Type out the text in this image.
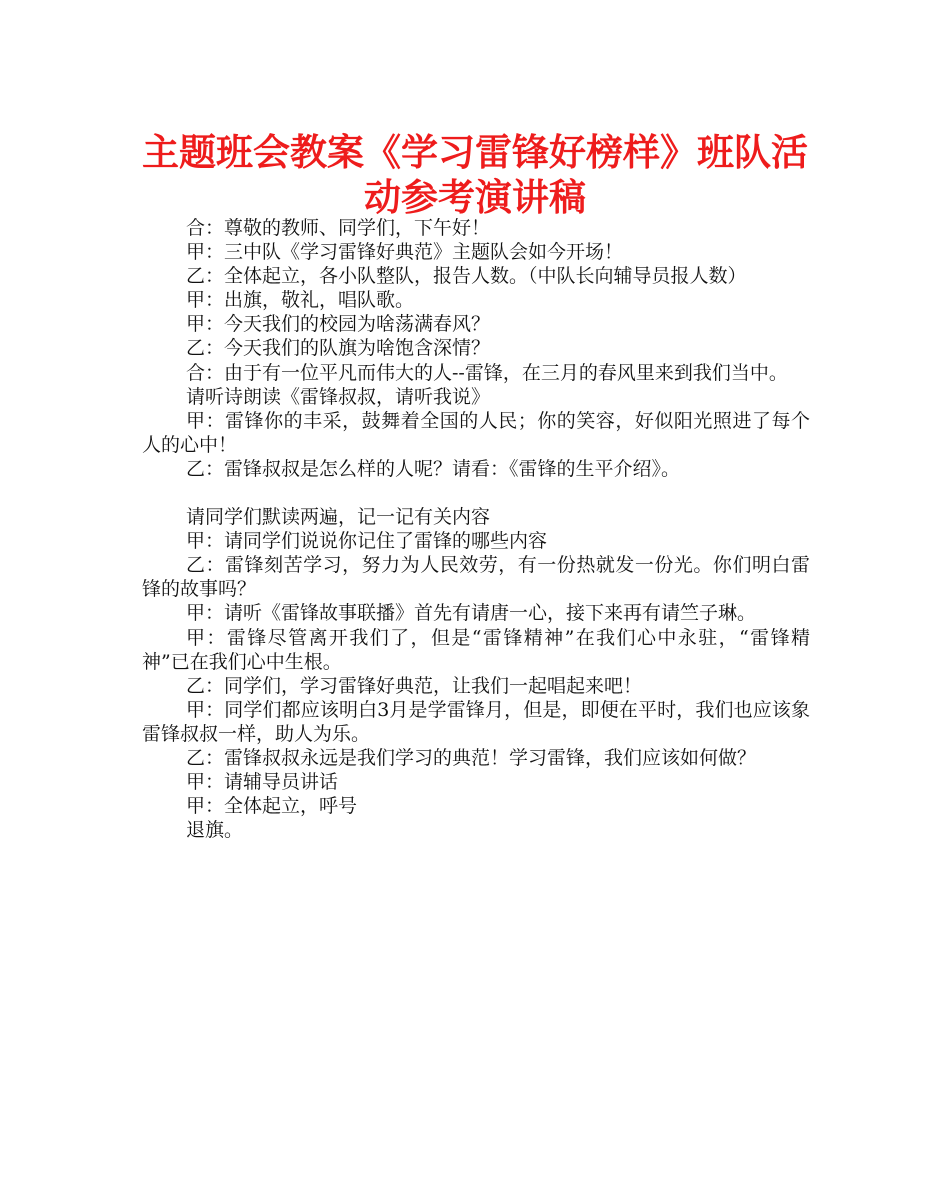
主题班会教案《学习雷锋好榜样》班队活
动参考演讲稿

合：尊敬的教师、同学们，下午好！

甲：三中队《学习雷锋好典范》主题队会如今开场！

乙：全体起立，各小队整队，报告人数。（中队长向辅导员报人数）

甲：出旗，敬礼，唱队歌。

甲：今天我们的校园为啥荡满春风？

乙：今天我们的队旗为啥饱含深情？

合：由于有一位平凡而伟大的人--雷锋，在三月的春风里来到我们当中。

请听诗朗读《雷锋叔叔，请听我说》

甲：雷锋你的丰采，鼓舞着全国的人民；你的笑容，好似阳光照进了每个人的心中！

乙：雷锋叔叔是怎么样的人呢？请看：《雷锋的生平介绍》。

请同学们默读两遍，记一记有关内容

甲：请同学们说说你记住了雷锋的哪些内容

乙：雷锋刻苦学习，努力为人民效劳，有一份热就发一份光。你们明白雷锋的故事吗？

甲：请听《雷锋故事联播》首先有请唐一心，接下来再有请竺子琳。

甲：雷锋尽管离开我们了，但是“雷锋精神”在我们心中永驻，“雷锋精神”已在我们心中生根。

乙：同学们，学习雷锋好典范，让我们一起唱起来吧！

甲：同学们都应该明白3月是学雷锋月，但是，即便在平时，我们也应该象雷锋叔叔一样，助人为乐。

乙：雷锋叔叔永远是我们学习的典范！学习雷锋，我们应该如何做？

甲：请辅导员讲话

甲：全体起立，呼号

退旗。
